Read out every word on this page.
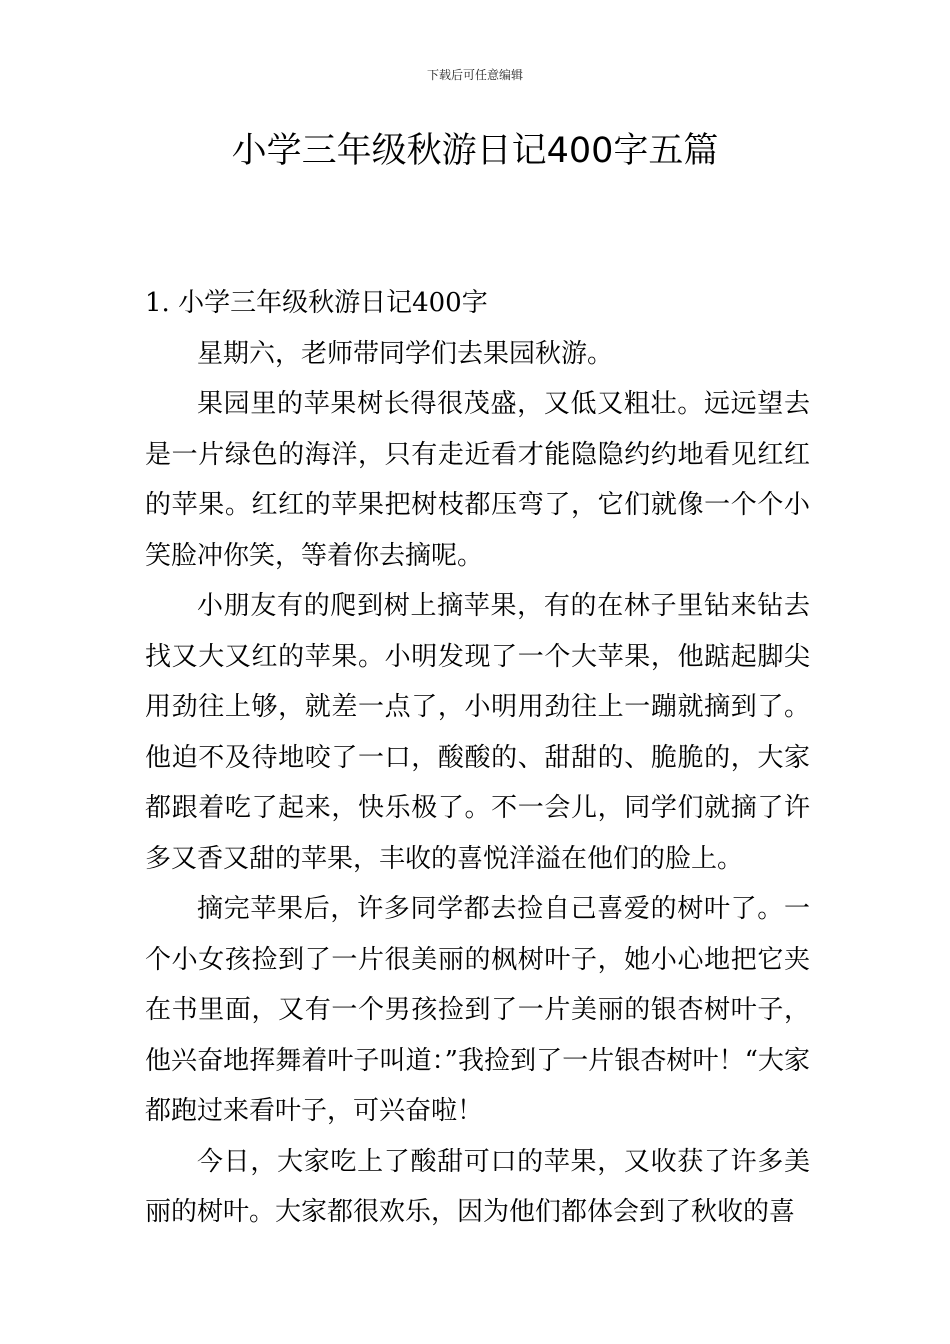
下载后可任意编辑
小学三年级秋游日记400字五篇
1. 小学三年级秋游日记400字

星期六，老师带同学们去果园秋游。

果园里的苹果树长得很茂盛，又低又粗壮。远远望去是一片绿色的海洋，只有走近看才能隐隐约约地看见红红的苹果。红红的苹果把树枝都压弯了，它们就像一个个小笑脸冲你笑，等着你去摘呢。

小朋友有的爬到树上摘苹果，有的在林子里钻来钻去找又大又红的苹果。小明发现了一个大苹果，他踮起脚尖用劲往上够，就差一点了，小明用劲往上一蹦就摘到了。他迫不及待地咬了一口，酸酸的、甜甜的、脆脆的，大家都跟着吃了起来，快乐极了。不一会儿，同学们就摘了许多又香又甜的苹果，丰收的喜悦洋溢在他们的脸上。

摘完苹果后，许多同学都去捡自己喜爱的树叶了。一个小女孩捡到了一片很美丽的枫树叶子，她小心地把它夹在书里面，又有一个男孩捡到了一片美丽的银杏树叶子，他兴奋地挥舞着叶子叫道：”我捡到了一片银杏树叶！“大家都跑过来看叶子，可兴奋啦！

今日，大家吃上了酸甜可口的苹果，又收获了许多美丽的树叶。大家都很欢乐，因为他们都体会到了秋收的喜
